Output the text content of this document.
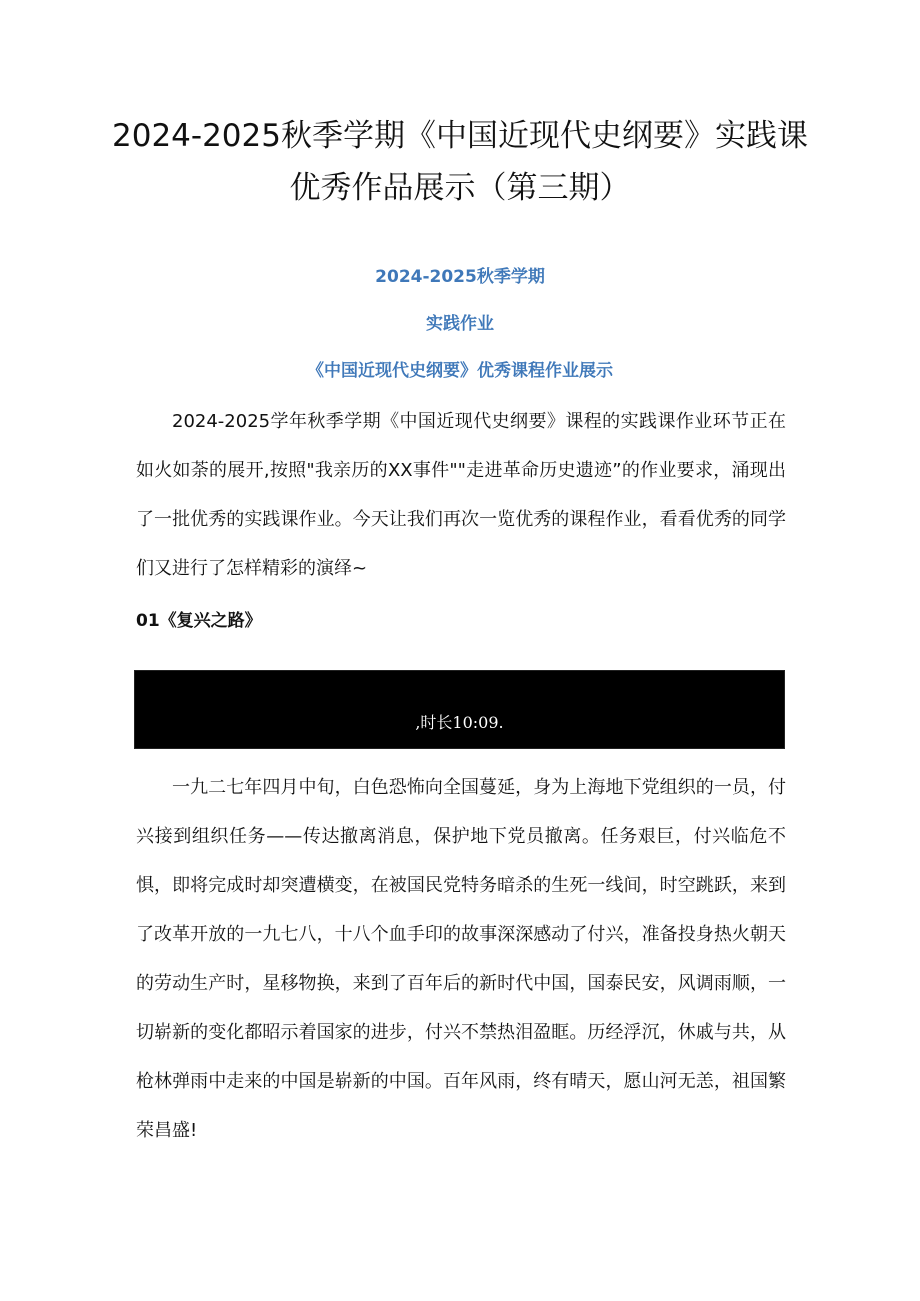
2024-2025秋季学期《中国近现代史纲要》实践课
优秀作品展示（第三期）
2024-2025秋季学期
实践作业
《中国近现代史纲要》优秀课程作业展示

2024-2025学年秋季学期《中国近现代史纲要》课程的实践课作业环节正在如火如荼的展开,按照"我亲历的XX事件""走进革命历史遗迹”的作业要求，涌现出了一批优秀的实践课作业。今天让我们再次一览优秀的课程作业，看看优秀的同学们又进行了怎样精彩的演绎~

01《复兴之路》
,时长10:09.

一九二七年四月中旬，白色恐怖向全国蔓延，身为上海地下党组织的一员，付兴接到组织任务——传达撤离消息，保护地下党员撤离。任务艰巨，付兴临危不惧，即将完成时却突遭横变，在被国民党特务暗杀的生死一线间，时空跳跃，来到了改革开放的一九七八，十八个血手印的故事深深感动了付兴，准备投身热火朝天的劳动生产时，星移物换，来到了百年后的新时代中国，国泰民安，风调雨顺，一切崭新的变化都昭示着国家的进步，付兴不禁热泪盈眶。历经浮沉，休戚与共，从枪林弹雨中走来的中国是崭新的中国。百年风雨，终有晴天，愿山河无恙，祖国繁荣昌盛!
